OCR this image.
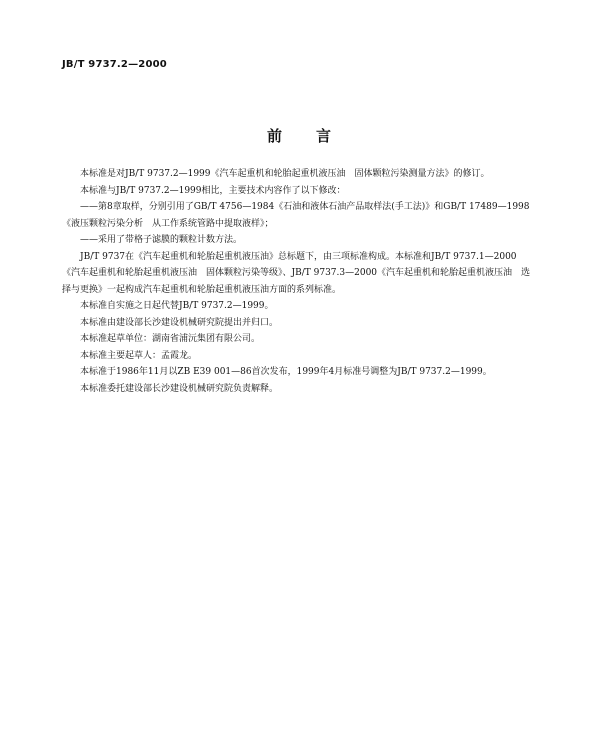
JB/T 9737.2—2000
前言

本标准是对JB/T 9737.2—1999《汽车起重机和轮胎起重机液压油　固体颗粒污染测量方法》的修订。

本标准与JB/T 9737.2—1999相比，主要技术内容作了以下修改：

——第8章取样，分别引用了GB/T 4756—1984《石油和液体石油产品取样法(手工法)》和GB/T 17489—1998《液压颗粒污染分析　从工作系统管路中提取液样》；

——采用了带格子滤膜的颗粒计数方法。

JB/T 9737在《汽车起重机和轮胎起重机液压油》总标题下，由三项标准构成。本标准和JB/T 9737.1—2000《汽车起重机和轮胎起重机液压油　固体颗粒污染等级》、JB/T 9737.3—2000《汽车起重机和轮胎起重机液压油　选择与更换》一起构成汽车起重机和轮胎起重机液压油方面的系列标准。

本标准自实施之日起代替JB/T 9737.2—1999。

本标准由建设部长沙建设机械研究院提出并归口。

本标准起草单位：湖南省浦沅集团有限公司。

本标准主要起草人：孟霞龙。

本标准于1986年11月以ZB E39 001—86首次发布，1999年4月标准号调整为JB/T 9737.2—1999。

本标准委托建设部长沙建设机械研究院负责解释。
